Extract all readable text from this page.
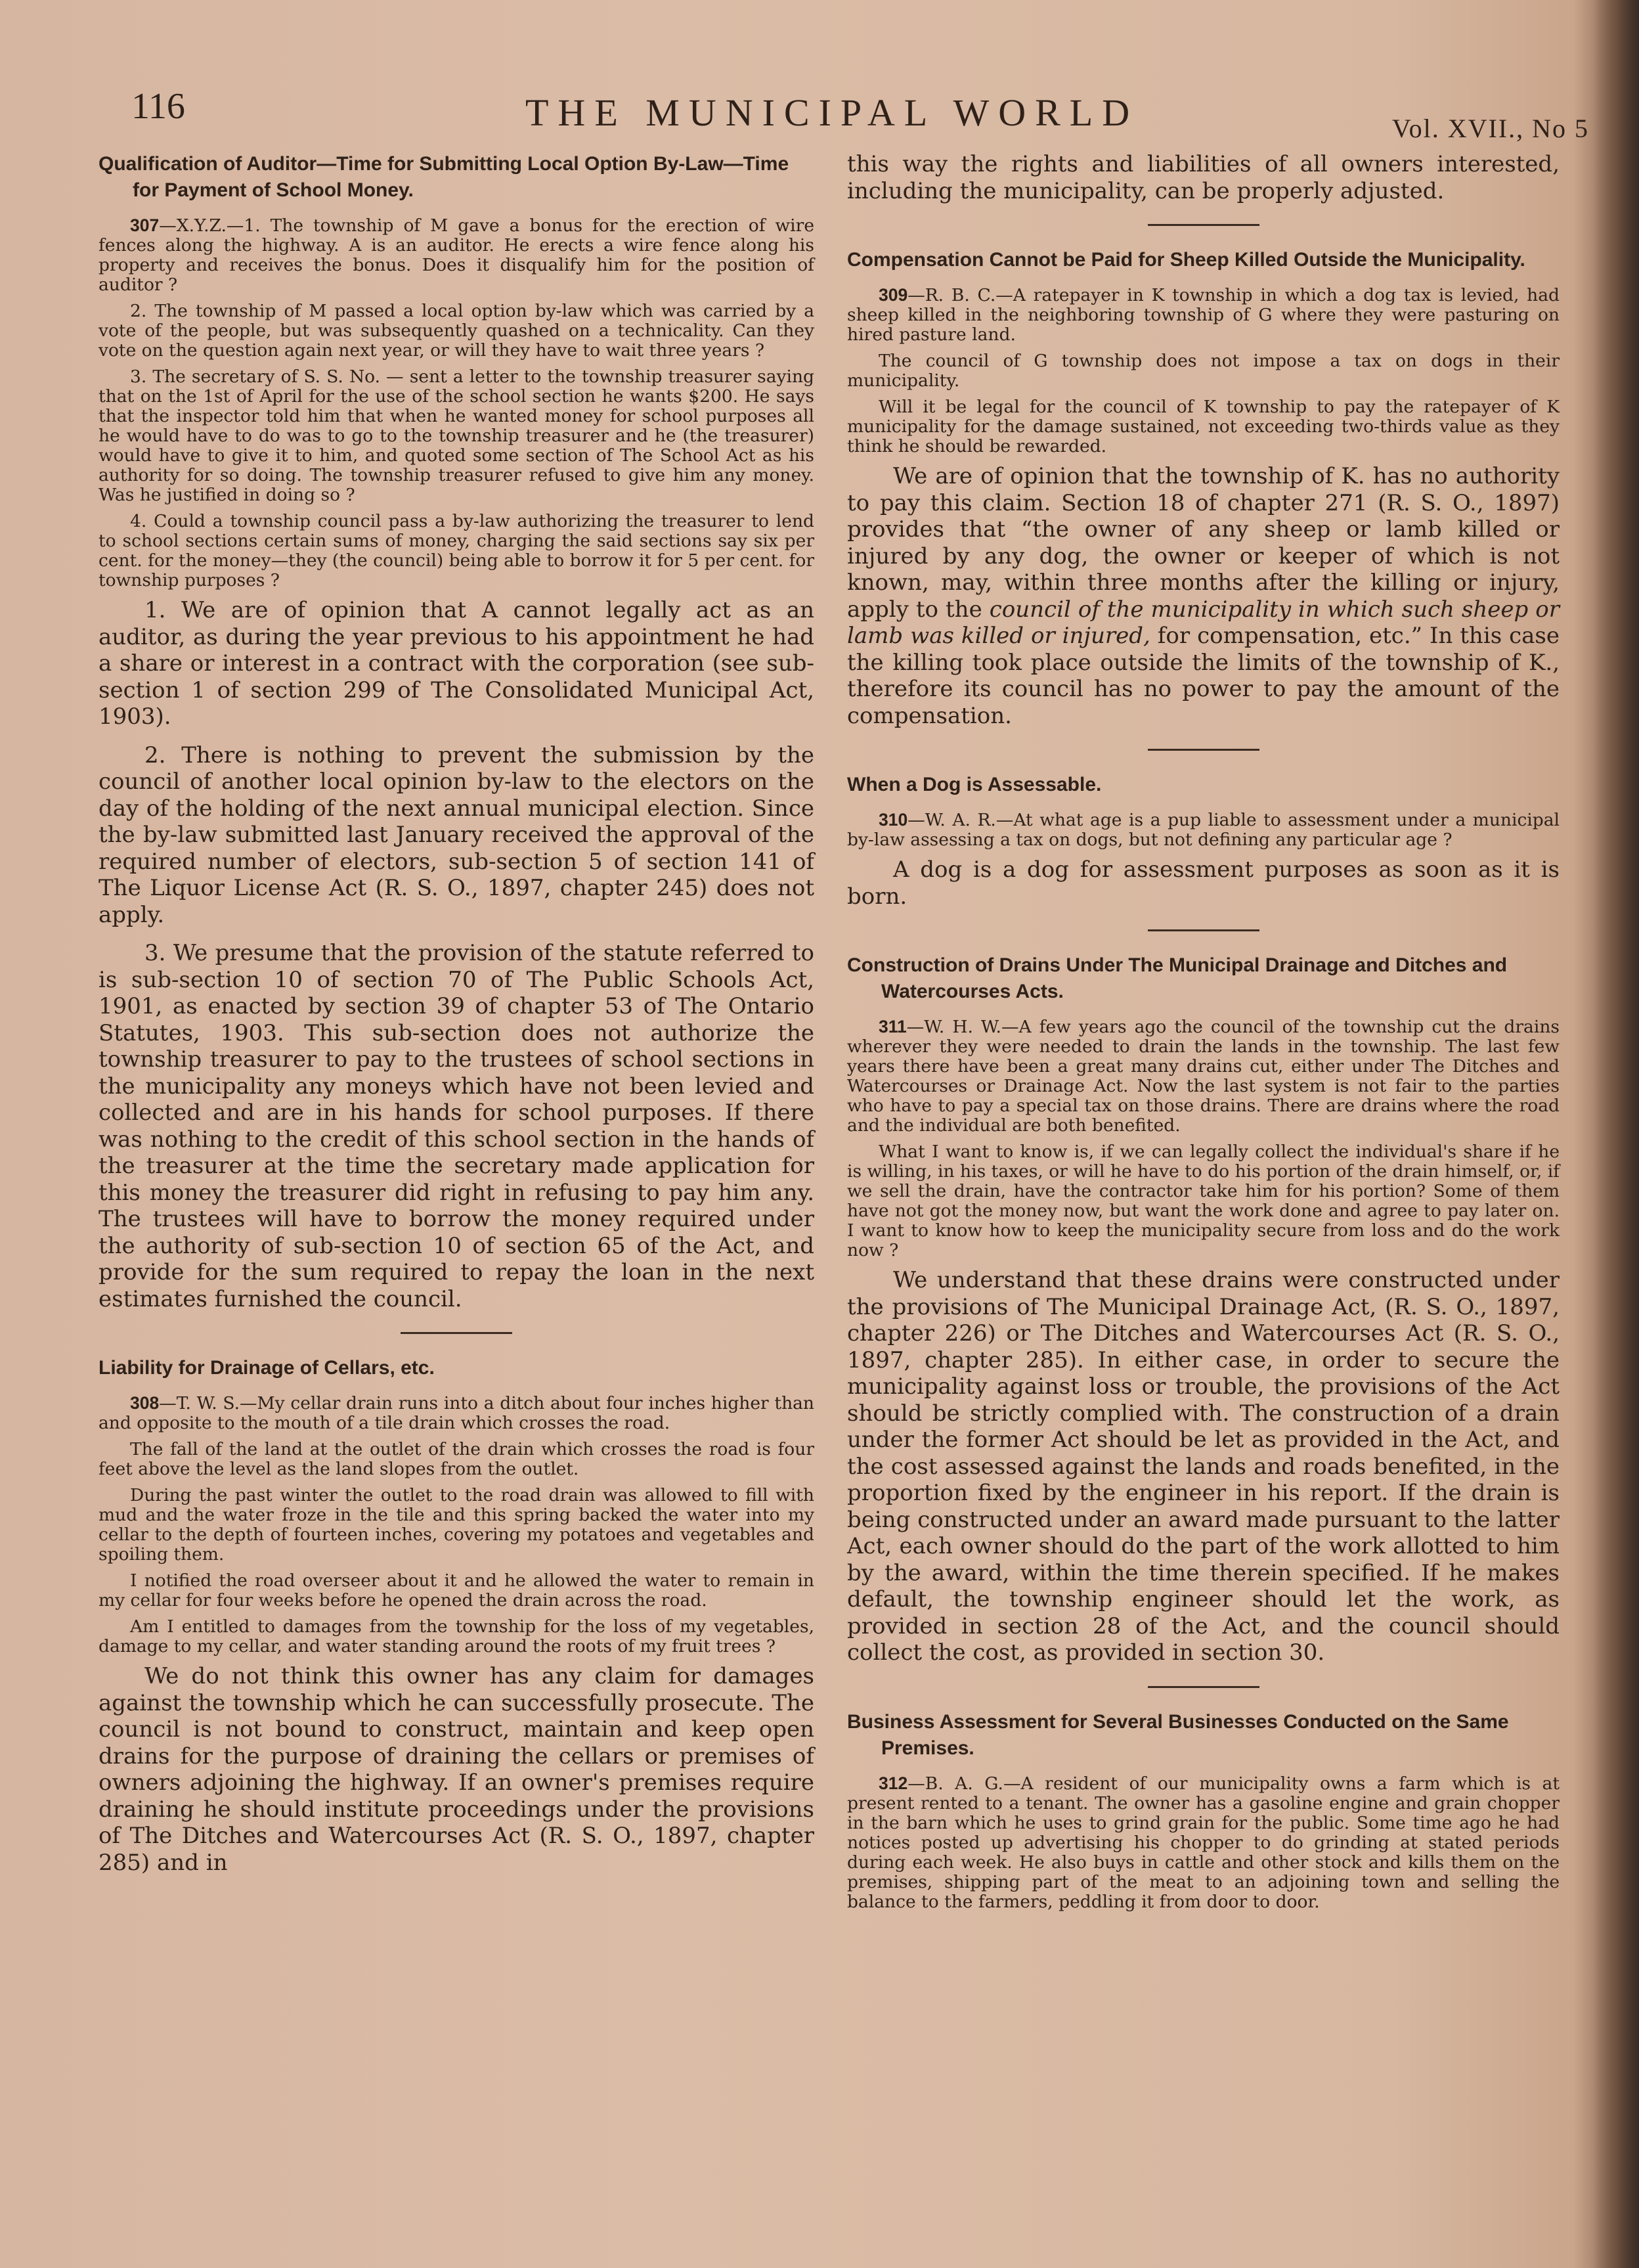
116	THE MUNICIPAL WORLD	Vol. XVII., No 5
Qualification of Auditor—Time for Submitting Local Option By-Law—Time for Payment of School Money.

307—X.Y.Z.—1. The township of M gave a bonus for the erection of wire fences along the highway. A is an auditor. He erects a wire fence along his property and receives the bonus. Does it disqualify him for the position of auditor ?

2. The township of M passed a local option by-law which was carried by a vote of the people, but was subsequently quashed on a technicality. Can they vote on the question again next year, or will they have to wait three years ?

3. The secretary of S. S. No. — sent a letter to the township treasurer saying that on the 1st of April for the use of the school section he wants $200. He says that the inspector told him that when he wanted money for school purposes all he would have to do was to go to the township treasurer and he (the treasurer) would have to give it to him, and quoted some section of The School Act as his authority for so doing. The township treasurer refused to give him any money. Was he justified in doing so ?

4. Could a township council pass a by-law authorizing the treasurer to lend to school sections certain sums of money, charging the said sections say six per cent. for the money—they (the council) being able to borrow it for 5 per cent. for township purposes ?

1. We are of opinion that A cannot legally act as an auditor, as during the year previous to his appointment he had a share or interest in a contract with the corporation (see sub-section 1 of section 299 of The Consolidated Municipal Act, 1903).

2. There is nothing to prevent the submission by the council of another local opinion by-law to the electors on the day of the holding of the next annual municipal election. Since the by-law submitted last January received the approval of the required number of electors, sub-section 5 of section 141 of The Liquor License Act (R. S. O., 1897, chapter 245) does not apply.

3. We presume that the provision of the statute referred to is sub-section 10 of section 70 of The Public Schools Act, 1901, as enacted by section 39 of chapter 53 of The Ontario Statutes, 1903. This sub-section does not authorize the township treasurer to pay to the trustees of school sections in the municipality any moneys which have not been levied and collected and are in his hands for school purposes. If there was nothing to the credit of this school section in the hands of the treasurer at the time the secretary made application for this money the treasurer did right in refusing to pay him any. The trustees will have to borrow the money required under the authority of sub-section 10 of section 65 of the Act, and provide for the sum required to repay the loan in the next estimates furnished the council.

Liability for Drainage of Cellars, etc.

308—T. W. S.—My cellar drain runs into a ditch about four inches higher than and opposite to the mouth of a tile drain which crosses the road.

The fall of the land at the outlet of the drain which crosses the road is four feet above the level as the land slopes from the outlet.

During the past winter the outlet to the road drain was allowed to fill with mud and the water froze in the tile and this spring backed the water into my cellar to the depth of fourteen inches, covering my potatoes and vegetables and spoiling them.

I notified the road overseer about it and he allowed the water to remain in my cellar for four weeks before he opened the drain across the road.

Am I entitled to damages from the township for the loss of my vegetables, damage to my cellar, and water standing around the roots of my fruit trees ?

We do not think this owner has any claim for damages against the township which he can successfully prosecute. The council is not bound to construct, maintain and keep open drains for the purpose of draining the cellars or premises of owners adjoining the highway. If an owner's premises require draining he should institute proceedings under the provisions of The Ditches and Watercourses Act (R. S. O., 1897, chapter 285) and in

this way the rights and liabilities of all owners interested, including the municipality, can be properly adjusted.

Compensation Cannot be Paid for Sheep Killed Outside the Municipality.

309—R. B. C.—A ratepayer in K township in which a dog tax is levied, had sheep killed in the neighboring township of G where they were pasturing on hired pasture land.

The council of G township does not impose a tax on dogs in their municipality.

Will it be legal for the council of K township to pay the ratepayer of K municipality for the damage sustained, not exceeding two-thirds value as they think he should be rewarded.

We are of opinion that the township of K. has no authority to pay this claim. Section 18 of chapter 271 (R. S. O., 1897) provides that “the owner of any sheep or lamb killed or injured by any dog, the owner or keeper of which is not known, may, within three months after the killing or injury, apply to the council of the municipality in which such sheep or lamb was killed or injured, for compensation, etc.” In this case the killing took place outside the limits of the township of K., therefore its council has no power to pay the amount of the compensation.

When a Dog is Assessable.

310—W. A. R.—At what age is a pup liable to assessment under a municipal by-law assessing a tax on dogs, but not defining any particular age ?

A dog is a dog for assessment purposes as soon as it is born.

Construction of Drains Under The Municipal Drainage and Ditches and Watercourses Acts.

311—W. H. W.—A few years ago the council of the township cut the drains wherever they were needed to drain the lands in the township. The last few years there have been a great many drains cut, either under The Ditches and Watercourses or Drainage Act. Now the last system is not fair to the parties who have to pay a special tax on those drains. There are drains where the road and the individual are both benefited.

What I want to know is, if we can legally collect the individual's share if he is willing, in his taxes, or will he have to do his portion of the drain himself, or, if we sell the drain, have the contractor take him for his portion? Some of them have not got the money now, but want the work done and agree to pay later on. I want to know how to keep the municipality secure from loss and do the work now ?

We understand that these drains were constructed under the provisions of The Municipal Drainage Act, (R. S. O., 1897, chapter 226) or The Ditches and Watercourses Act (R. S. O., 1897, chapter 285). In either case, in order to secure the municipality against loss or trouble, the provisions of the Act should be strictly complied with. The construction of a drain under the former Act should be let as provided in the Act, and the cost assessed against the lands and roads benefited, in the proportion fixed by the engineer in his report. If the drain is being constructed under an award made pursuant to the latter Act, each owner should do the part of the work allotted to him by the award, within the time therein specified. If he makes default, the township engineer should let the work, as provided in section 28 of the Act, and the council should collect the cost, as provided in section 30.

Business Assessment for Several Businesses Conducted on the Same Premises.

312—B. A. G.—A resident of our municipality owns a farm which is at present rented to a tenant. The owner has a gasoline engine and grain chopper in the barn which he uses to grind grain for the public. Some time ago he had notices posted up advertising his chopper to do grinding at stated periods during each week. He also buys in cattle and other stock and kills them on the premises, shipping part of the meat to an adjoining town and selling the balance to the farmers, peddling it from door to door.
